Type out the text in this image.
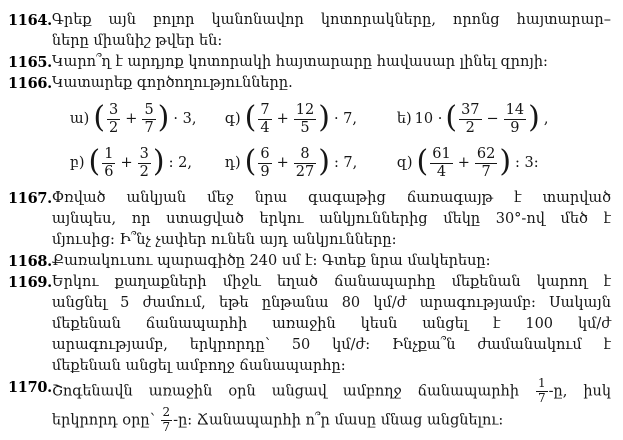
1164. Գրեք այն բոլոր կանոնավոր կոտորակները, որոնց հայտարար–
ները միանիշ թվեր են:
1165. Կարո՞ղ է արդյոք կոտորակի հայտարարը հավասար լինել զրոյի:
1166. Կատարեք գործողությունները.
ա) ( $\frac{3}{2} + \frac{5}{7}$ ) · 3, գ) ( $\frac{7}{4} + \frac{12}{5}$ ) · 7,	ե) 10 · ( $\frac{37}{2} - \frac{14}{9}$ ) ,
բ) ( $\frac{1}{6} + \frac{3}{2}$ ) : 2, դ) ( $\frac{6}{9} + \frac{8}{27}$ ) : 7,	զ) ( $\frac{61}{4} + \frac{62}{7}$ ) : 3:
1167. Փռված անկյան մեջ նրա գագաթից ճառագայթ է տարված
այնպես, որ ստացված երկու անկյուններից մեկը 30°-ով մեծ է
մյուսից: Ի՞նչ չափեր ունեն այդ անկյունները:
1168. Քառակուսու պարագիծը 240 սմ է: Գտեք նրա մակերեսը:
1169. Երկու քաղաքների միջև եղած ճանապարհը մեքենան կարող է
անցնել 5 ժամում, եթե ընթանա 80 կմ/ժ արագությամբ: Սակայն
մեքենան ճանապարհի առաջին կեսն անցել է 100 կմ/ժ
արագությամբ, երկրորդը՝ 50 կմ/ժ: Ինչքա՞ն ժամանակում է
մեքենան անցել ամբողջ ճանապարհը:
1170. Շոգենավն առաջին օրն անցավ ամբողջ ճանապարհի $\frac{1}{7}$ -ը, իսկ
երկրորդ օրը՝ $\frac{2}{7}$ -ը: Ճանապարհի ո՞ր մասը մնաց անցնելու:
